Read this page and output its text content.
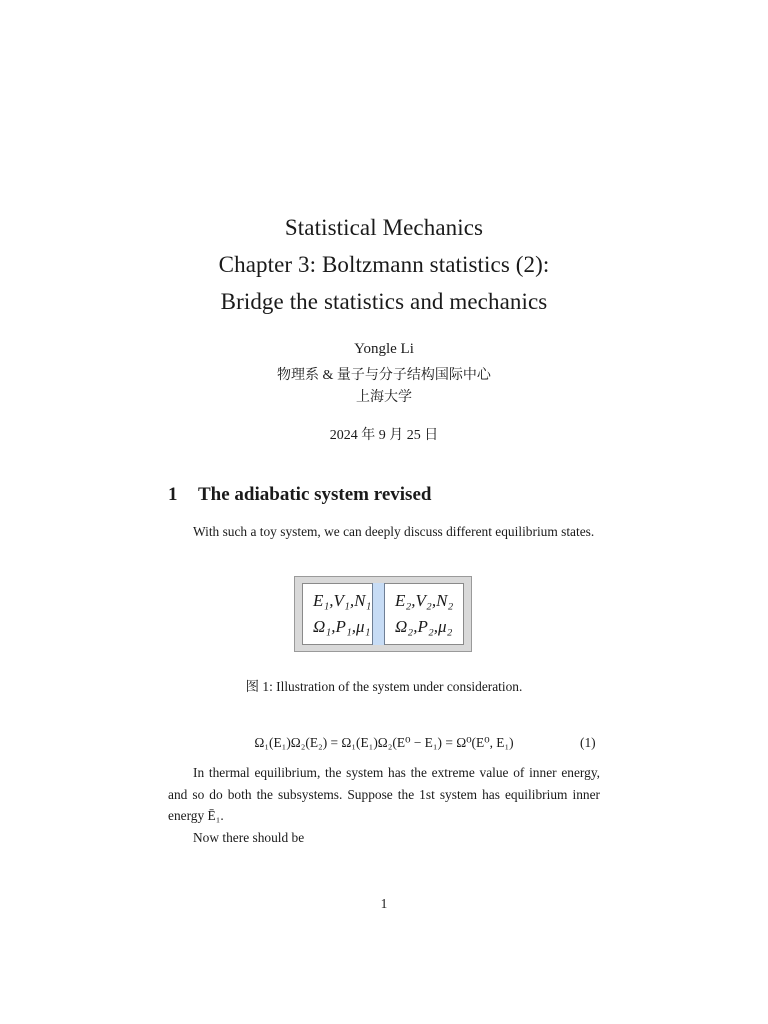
Statistical Mechanics
Chapter 3: Boltzmann statistics (2):
Bridge the statistics and mechanics
Yongle Li
物理系 & 量子与分子结构国际中心
上海大学
2024 年 9 月 25 日
1 The adiabatic system revised
With such a toy system, we can deeply discuss different equilibrium states.
E₁,V₁,N₁
Ω₁,P₁,μ₁
E₂,V₂,N₂
Ω₂,P₂,μ₂
图 1: Illustration of the system under consideration.
Ω₁(E₁)Ω₂(E₂) = Ω₁(E₁)Ω₂(E⁰ − E₁) = Ω⁰(E⁰, E₁)	(1)
In thermal equilibrium, the system has the extreme value of inner energy, and so do both the subsystems. Suppose the 1st system has equilibrium inner energy Ē₁.
Now there should be
1
